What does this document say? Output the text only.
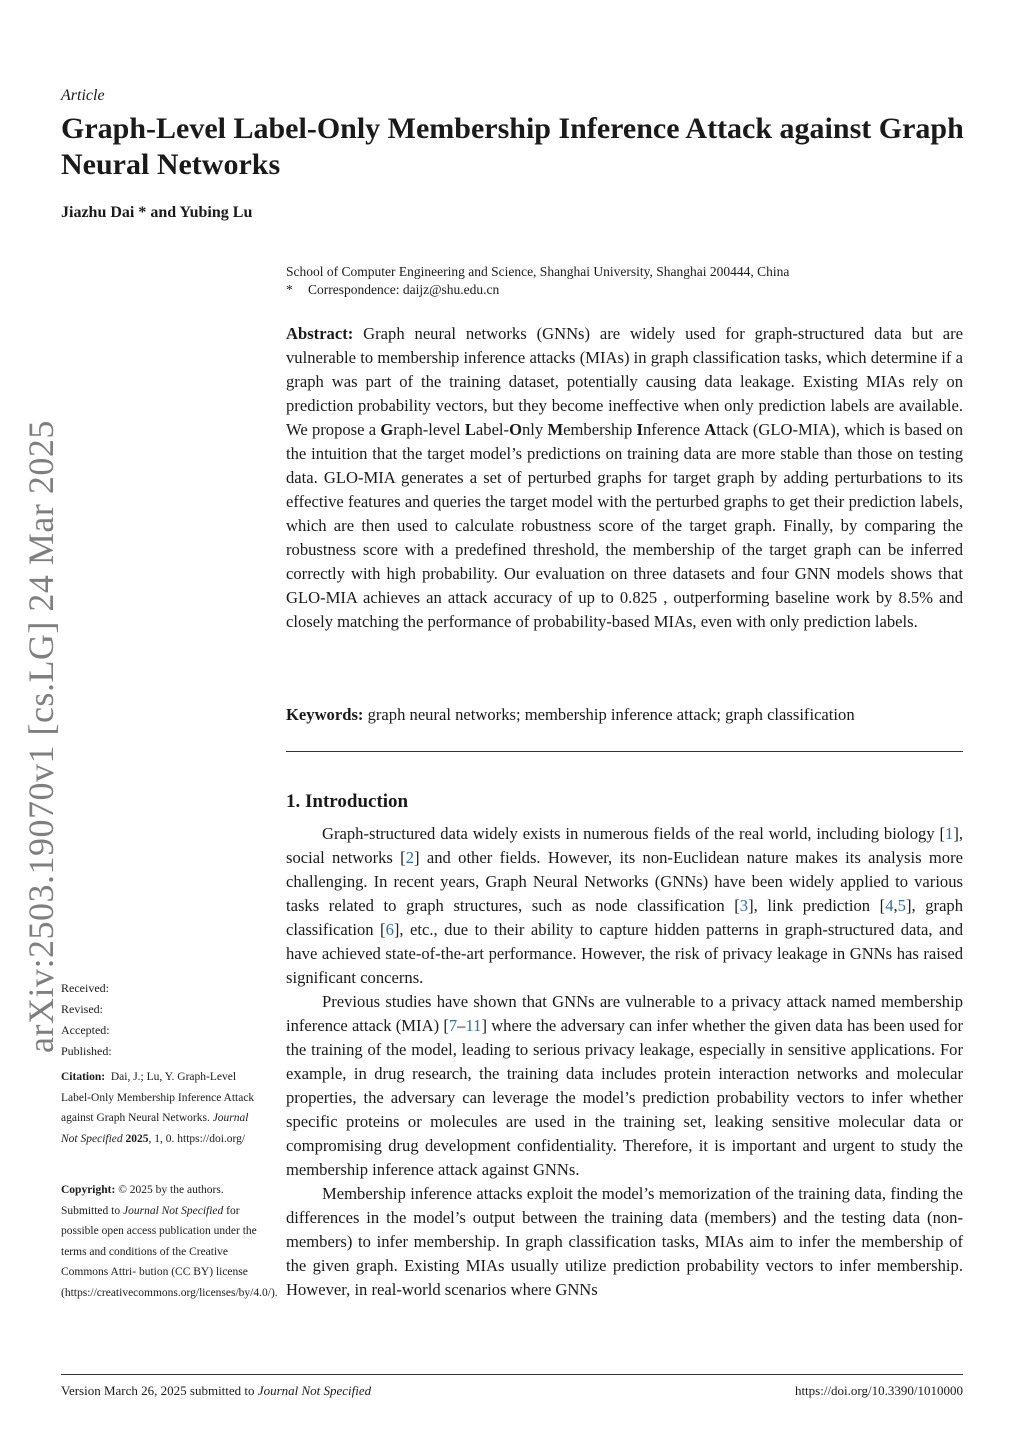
Article
Graph-Level Label-Only Membership Inference Attack against Graph Neural Networks
Jiazhu Dai * and Yubing Lu
School of Computer Engineering and Science, Shanghai University, Shanghai 200444, China
* Correspondence: daijz@shu.edu.cn

Abstract: Graph neural networks (GNNs) are widely used for graph-structured data but are vulnerable to membership inference attacks (MIAs) in graph classification tasks, which determine if a graph was part of the training dataset, potentially causing data leakage. Existing MIAs rely on prediction probability vectors, but they become ineffective when only prediction labels are available. We propose a Graph-level Label-Only Membership Inference Attack (GLO-MIA), which is based on the intuition that the target model’s predictions on training data are more stable than those on testing data. GLO-MIA generates a set of perturbed graphs for target graph by adding perturbations to its effective features and queries the target model with the perturbed graphs to get their prediction labels, which are then used to calculate robustness score of the target graph. Finally, by comparing the robustness score with a predefined threshold, the membership of the target graph can be inferred correctly with high probability. Our evaluation on three datasets and four GNN models shows that GLO-MIA achieves an attack accuracy of up to 0.825 , outperforming baseline work by 8.5% and closely matching the performance of probability-based MIAs, even with only prediction labels.

Keywords: graph neural networks; membership inference attack; graph classification
1. Introduction

Graph-structured data widely exists in numerous fields of the real world, including biology [1], social networks [2] and other fields. However, its non-Euclidean nature makes its analysis more challenging. In recent years, Graph Neural Networks (GNNs) have been widely applied to various tasks related to graph structures, such as node classification [3], link prediction [4,5], graph classification [6], etc., due to their ability to capture hidden patterns in graph-structured data, and have achieved state-of-the-art performance. However, the risk of privacy leakage in GNNs has raised significant concerns.

Previous studies have shown that GNNs are vulnerable to a privacy attack named membership inference attack (MIA) [7–11] where the adversary can infer whether the given data has been used for the training of the model, leading to serious privacy leakage, especially in sensitive applications. For example, in drug research, the training data includes protein interaction networks and molecular properties, the adversary can leverage the model’s prediction probability vectors to infer whether specific proteins or molecules are used in the training set, leaking sensitive molecular data or compromising drug development confidentiality. Therefore, it is important and urgent to study the membership inference attack against GNNs.

Membership inference attacks exploit the model’s memorization of the training data, finding the differences in the model’s output between the training data (members) and the testing data (non-members) to infer membership. In graph classification tasks, MIAs aim to infer the membership of the given graph. Existing MIAs usually utilize prediction probability vectors to infer membership. However, in real-world scenarios where GNNs

Received:
Revised:
Accepted:
Published:
Citation: Dai, J.; Lu, Y. Graph-Level Label-Only Membership Inference Attack against Graph Neural Networks. Journal Not Specified 2025, 1, 0. https://doi.org/
Copyright: © 2025 by the authors. Submitted to Journal Not Specified for possible open access publication under the terms and conditions of the Creative Commons Attri- bution (CC BY) license (https://creativecommons.org/licenses/by/4.0/).
arXiv:2503.19070v1 [cs.LG] 24 Mar 2025
Version March 26, 2025 submitted to Journal Not Specified	https://doi.org/10.3390/1010000
